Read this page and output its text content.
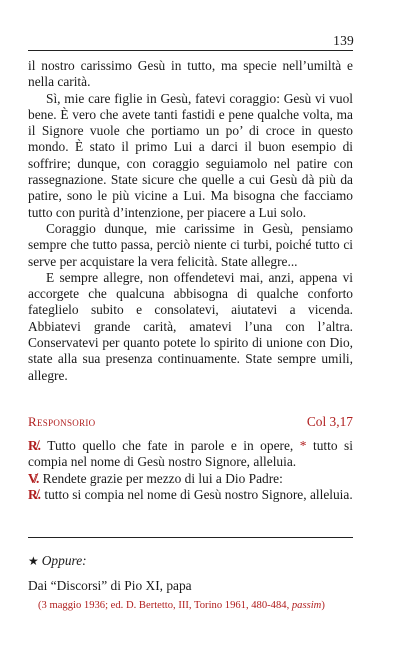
139

il nostro carissimo Gesù in tutto, ma specie nell’umiltà e nella carità.

Sì, mie care figlie in Gesù, fatevi coraggio: Gesù vi vuol bene. È vero che avete tanti fastidi e pene qualche volta, ma il Signore vuole che portiamo un po’ di croce in questo mondo. È stato il primo Lui a darci il buon esempio di soffrire; dunque, con coraggio seguiamolo nel patire con rassegnazione. State sicure che quelle a cui Gesù dà più da patire, sono le più vicine a Lui. Ma bisogna che facciamo tutto con purità d’intenzione, per piacere a Lui solo.

Coraggio dunque, mie carissime in Gesù, pensiamo sempre che tutto passa, perciò niente ci turbi, poiché tutto ci serve per acquistare la vera felicità. State allegre...

E sempre allegre, non offendetevi mai, anzi, appena vi accorgete che qualcuna abbisogna di qualche conforto fateglielo subito e consolatevi, aiutatevi a vicenda. Abbiatevi grande carità, amatevi l’una con l’altra. Conservatevi per quanto potete lo spirito di unione con Dio, state alla sua presenza continuamente. State sempre umili, allegre.

Responsorio	Col 3,17

R̸. Tutto quello che fate in parole e in opere, * tutto si compia nel nome di Gesù nostro Signore, alleluia.

V̸. Rendete grazie per mezzo di lui a Dio Padre:

R̸. tutto si compia nel nome di Gesù nostro Signore, alleluia.

★ Oppure:
Dai “Discorsi” di Pio XI, papa
(3 maggio 1936; ed. D. Bertetto, III, Torino 1961, 480-484, passim)
